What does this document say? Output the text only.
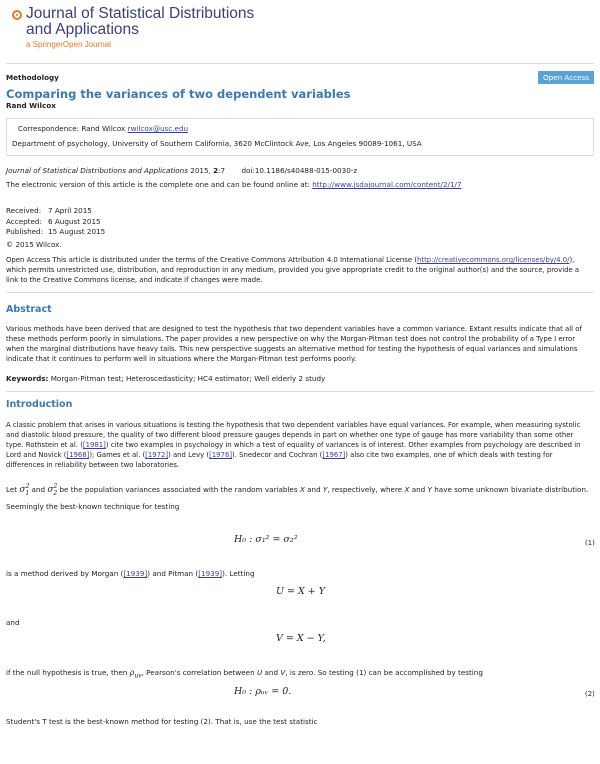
Journal of Statistical Distributions
and Applications
a SpringerOpen Journal
Methodology	Open Access
Comparing the variances of two dependent variables
Rand Wilcox
Correspondence: Rand Wilcox rwilcox@usc.edu
Department of psychology, University of Southern California, 3620 McClintock Ave, Los Angeles 90089-1061, USA
Journal of Statistical Distributions and Applications 2015, 2:7 doi:10.1186/s40488-015-0030-z
The electronic version of this article is the complete one and can be found online at: http://www.jsdajournal.com/content/2/1/7
Received: 7 April 2015
Accepted: 6 August 2015
Published: 15 August 2015
© 2015 Wilcox.
Open Access This article is distributed under the terms of the Creative Commons Attribution 4.0 International License (http://creativecommons.org/licenses/by/4.0/), which permits unrestricted use, distribution, and reproduction in any medium, provided you give appropriate credit to the original author(s) and the source, provide a link to the Creative Commons license, and indicate if changes were made.
Abstract
Various methods have been derived that are designed to test the hypothesis that two dependent variables have a common variance. Extant results indicate that all of these methods perform poorly in simulations. The paper provides a new perspective on why the Morgan-Pitman test does not control the probability of a Type I error when the marginal distributions have heavy tails. This new perspective suggests an alternative method for testing the hypothesis of equal variances and simulations indicate that it continues to perform well in situations where the Morgan-Pitman test performs poorly.
Keywords: Morgan-Pitman test; Heteroscedasticity; HC4 estimator; Well elderly 2 study
Introduction
A classic problem that arises in various situations is testing the hypothesis that two dependent variables have equal variances. For example, when measuring systolic and diastolic blood pressure, the quality of two different blood pressure gauges depends in part on whether one type of gauge has more variability than some other type. Rothstein et al. ([1981]) cite two examples in psychology in which a test of equality of variances is of interest. Other examples from psychology are described in Lord and Novick ([1968]); Games et al. ([1972]) and Levy ([1976]). Snedecor and Cochran ([1967]) also cite two examples, one of which deals with testing for differences in reliability between two laboratories.
Let $\sigma^2_1$ and $\sigma^2_2$ be the population variances associated with the random variables X and Y, respectively, where X and Y have some unknown bivariate distribution.
Seemingly the best-known technique for testing
H₀ : σ₁² = σ₂²	(1)
is a method derived by Morgan ([1939]) and Pitman ([1939]). Letting
U = X + Y
and
V = X − Y,
if the null hypothesis is true, then $\rho_{uv}$, Pearson's correlation between U and V, is zero. So testing (1) can be accomplished by testing
H₀ : ρᵤᵥ = 0.	(2)
Student's T test is the best-known method for testing (2). That is, use the test statistic
